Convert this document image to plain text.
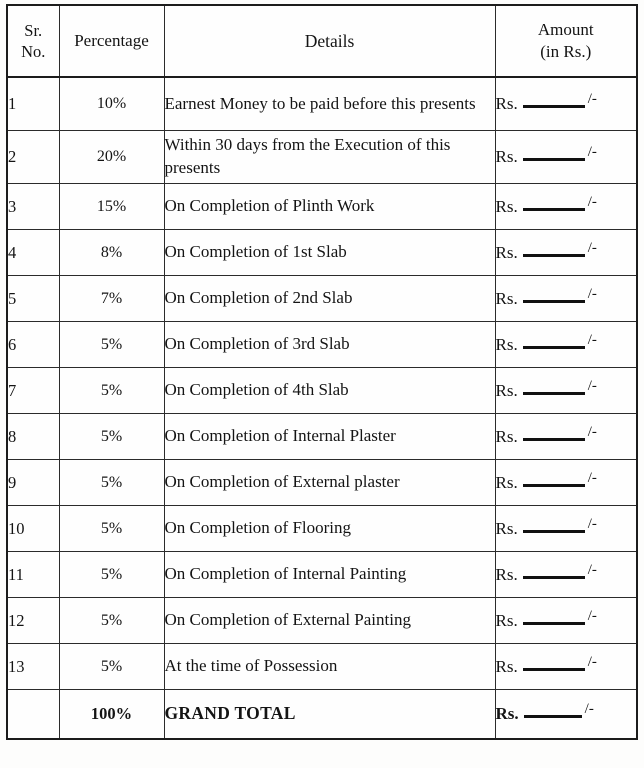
Sr.
No.	Percentage	Details	Amount
(in Rs.)

1	10%	Earnest Money to be paid before this presents	Rs. /-

2	20%	Within 30 days from the Execution of this presents	Rs. /-

3	15%	On Completion of Plinth Work	Rs. /-

4	8%	On Completion of 1st Slab	Rs. /-

5	7%	On Completion of 2nd Slab	Rs. /-

6	5%	On Completion of 3rd Slab	Rs. /-

7	5%	On Completion of 4th Slab	Rs. /-

8	5%	On Completion of Internal Plaster	Rs. /-

9	5%	On Completion of External plaster	Rs. /-

10	5%	On Completion of Flooring	Rs. /-

11	5%	On Completion of Internal Painting	Rs. /-

12	5%	On Completion of External Painting	Rs. /-

13	5%	At the time of Possession	Rs. /-

	100%	GRAND TOTAL	Rs. /-
